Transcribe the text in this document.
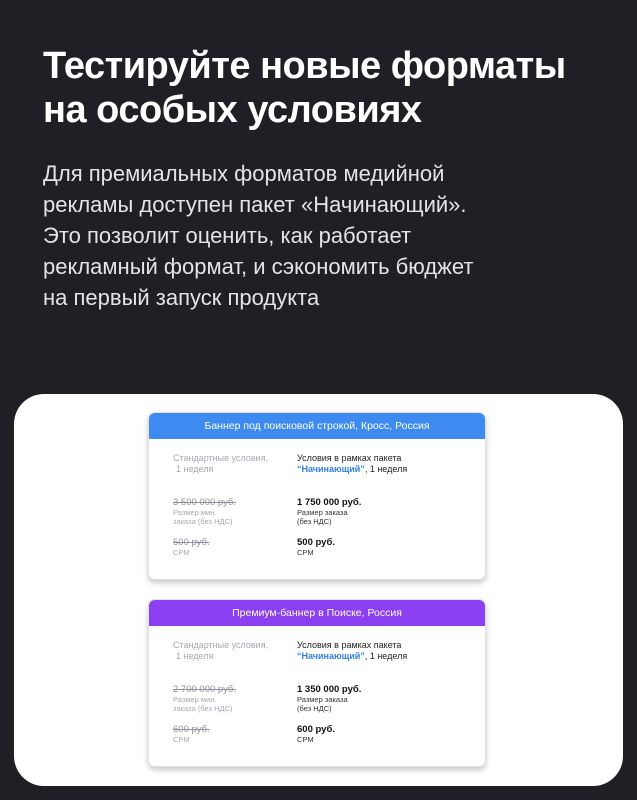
Тестируйте новые форматы
на особых условиях

Для премиальных форматов медийной
рекламы доступен пакет «Начинающий».
Это позволит оценить, как работает
рекламный формат, и сэкономить бюджет
на первый запуск продукта

Баннер под поисковой строкой, Кросс, Россия
Стандартные условия,
1 неделя
Условия в рамках пакета
“Начинающий”, 1 неделя
3 500 000 руб.
Размер мин.
заказа (без НДС)
1 750 000 руб.
Размер заказа
(без НДС)
500 руб.
CPM
500 руб.
CPM
Премиум-баннер в Поиске, Россия
Стандартные условия,
1 неделя
Условия в рамках пакета
“Начинающий”, 1 неделя
2 700 000 руб.
Размер мин.
заказа (без НДС)
1 350 000 руб.
Размер заказа
(без НДС)
600 руб.
CPM
600 руб.
CPM
